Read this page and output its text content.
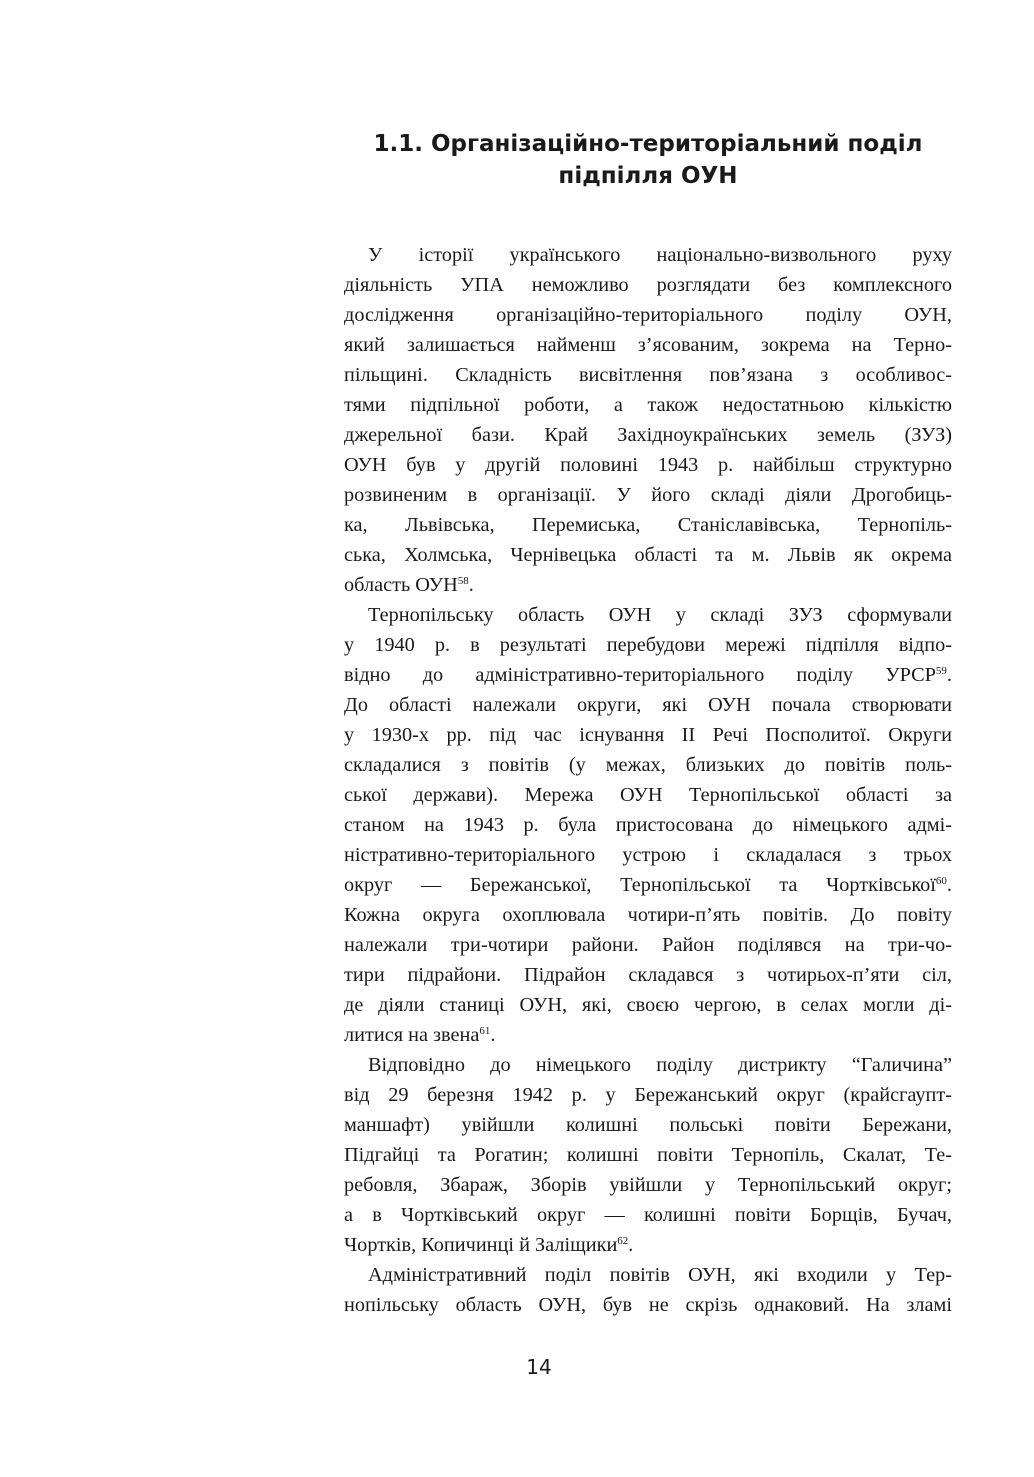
1.1. Організаційно-територіальний поділ
підпілля ОУН
У історії українського національно-визвольного руху
діяльність УПА неможливо розглядати без комплексного
дослідження організаційно-територіального поділу ОУН,
який залишається найменш з’ясованим, зокрема на Терно-
пільщині. Складність висвітлення пов’язана з особливос-
тями підпільної роботи, а також недостатньою кількістю
джерельної бази. Край Західноукраїнських земель (ЗУЗ)
ОУН був у другій половині 1943 р. найбільш структурно
розвиненим в організації. У його складі діяли Дрогобиць-
ка, Львівська, Перемиська, Станіславівська, Тернопіль-
ська, Холмська, Чернівецька області та м. Львів як окрема
область ОУН$^{58}$.
Тернопільську область ОУН у складі ЗУЗ сформували
у 1940 р. в результаті перебудови мережі підпілля відпо-
відно до адміністративно-територіального поділу УРСР$^{59}$.
До області належали округи, які ОУН почала створювати
у 1930-х рр. під час існування ІІ Речі Посполитої. Округи
складалися з повітів (у межах, близьких до повітів поль-
ської держави). Мережа ОУН Тернопільської області за
станом на 1943 р. була пристосована до німецького адмі-
ністративно-територіального устрою і складалася з трьох
округ — Бережанської, Тернопільської та Чортківської$^{60}$.
Кожна округа охоплювала чотири-п’ять повітів. До повіту
належали три-чотири райони. Район поділявся на три-чо-
тири підрайони. Підрайон складався з чотирьох-п’яти сіл,
де діяли станиці ОУН, які, своєю чергою, в селах могли ді-
литися на звена$^{61}$.
Відповідно до німецького поділу дистрикту “Галичина”
від 29 березня 1942 р. у Бережанський округ (крайсгаупт-
маншафт) увійшли колишні польські повіти Бережани,
Підгайці та Рогатин; колишні повіти Тернопіль, Скалат, Те-
ребовля, Збараж, Зборів увійшли у Тернопільський округ;
а в Чортківський округ — колишні повіти Борщів, Бучач,
Чортків, Копичинці й Заліщики$^{62}$.
Адміністративний поділ повітів ОУН, які входили у Тер-
нопільську область ОУН, був не скрізь однаковий. На зламі
14
